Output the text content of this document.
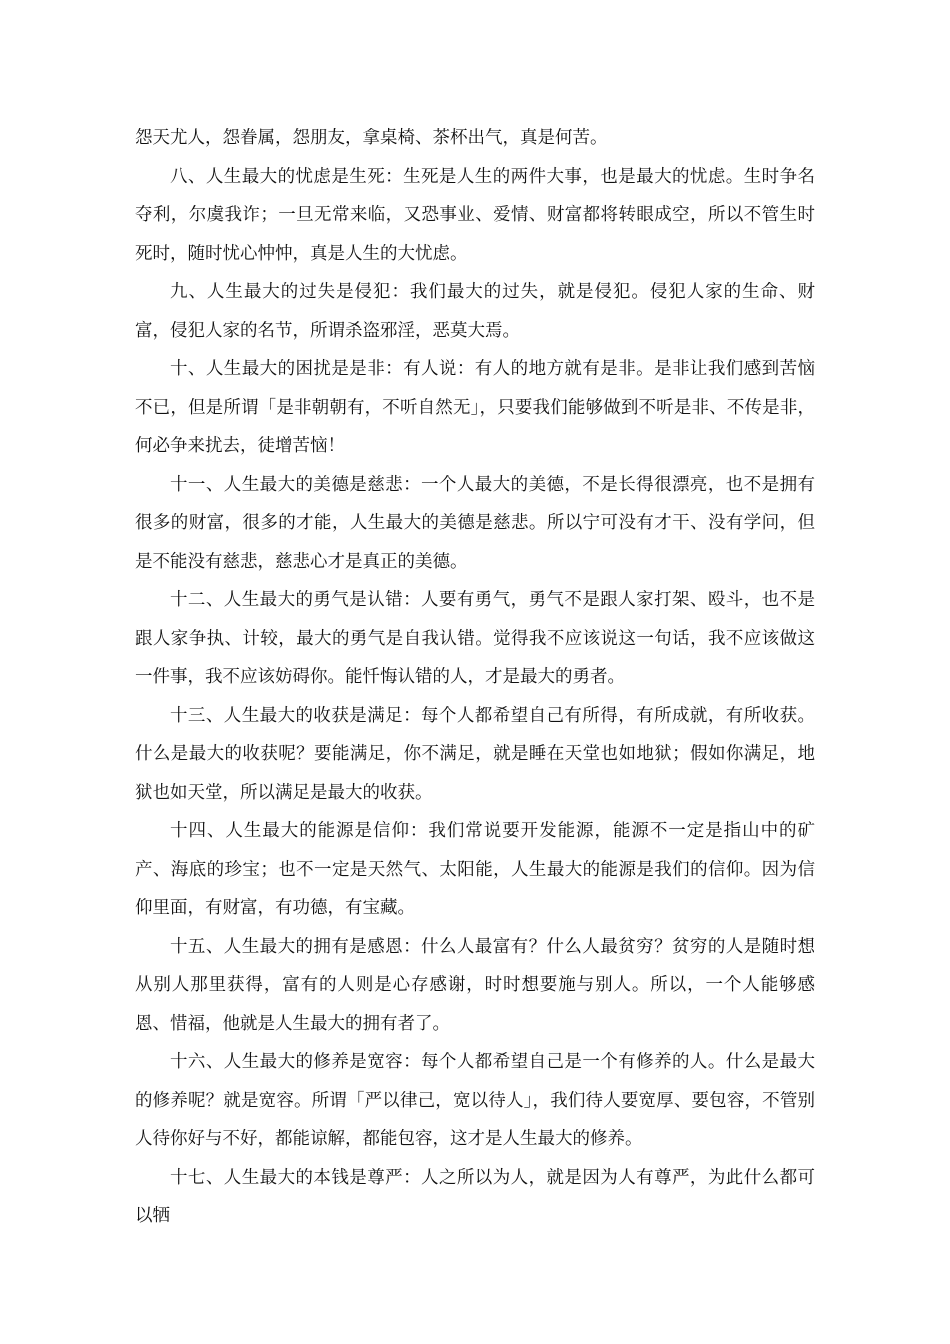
怨天尤人，怨眷属，怨朋友，拿桌椅、茶杯出气，真是何苦。

八、人生最大的忧虑是生死：生死是人生的两件大事，也是最大的忧虑。生时争名夺利，尔虞我诈；一旦无常来临，又恐事业、爱情、财富都将转眼成空，所以不管生时死时，随时忧心忡忡，真是人生的大忧虑。

九、人生最大的过失是侵犯：我们最大的过失，就是侵犯。侵犯人家的生命、财富，侵犯人家的名节，所谓杀盗邪淫，恶莫大焉。

十、人生最大的困扰是是非：有人说：有人的地方就有是非。是非让我们感到苦恼不已，但是所谓「是非朝朝有，不听自然无」，只要我们能够做到不听是非、不传是非，何必争来扰去，徒增苦恼！

十一、人生最大的美德是慈悲：一个人最大的美德，不是长得很漂亮，也不是拥有很多的财富，很多的才能，人生最大的美德是慈悲。所以宁可没有才干、没有学问，但是不能没有慈悲，慈悲心才是真正的美德。

十二、人生最大的勇气是认错：人要有勇气，勇气不是跟人家打架、殴斗，也不是跟人家争执、计较，最大的勇气是自我认错。觉得我不应该说这一句话，我不应该做这一件事，我不应该妨碍你。能忏悔认错的人，才是最大的勇者。

十三、人生最大的收获是满足：每个人都希望自己有所得，有所成就，有所收获。什么是最大的收获呢？要能满足，你不满足，就是睡在天堂也如地狱；假如你满足，地狱也如天堂，所以满足是最大的收获。

十四、人生最大的能源是信仰：我们常说要开发能源，能源不一定是指山中的矿产、海底的珍宝；也不一定是天然气、太阳能，人生最大的能源是我们的信仰。因为信仰里面，有财富，有功德，有宝藏。

十五、人生最大的拥有是感恩：什么人最富有？什么人最贫穷？贫穷的人是随时想从别人那里获得，富有的人则是心存感谢，时时想要施与别人。所以，一个人能够感恩、惜福，他就是人生最大的拥有者了。

十六、人生最大的修养是宽容：每个人都希望自己是一个有修养的人。什么是最大的修养呢？就是宽容。所谓「严以律己，宽以待人」，我们待人要宽厚、要包容，不管别人待你好与不好，都能谅解，都能包容，这才是人生最大的修养。

十七、人生最大的本钱是尊严：人之所以为人，就是因为人有尊严，为此什么都可以牺
